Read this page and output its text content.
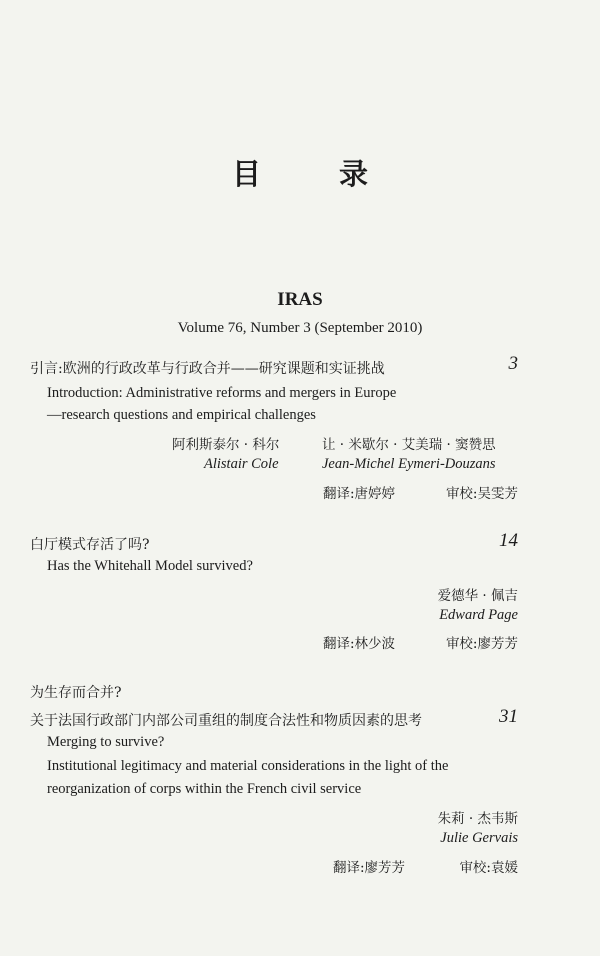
目 录
IRAS
Volume 76, Number 3 (September 2010)
引言:欧洲的行政改革与行政合并——研究课题和实证挑战	3
Introduction: Administrative reforms and mergers in Europe
—research questions and empirical challenges
阿利斯泰尔 · 科尔	让 · 米歇尔 · 艾美瑞 · 窦赞思
Alistair Cole	Jean-Michel Eymeri-Douzans
翻译:唐婷婷	审校:吴雯芳
白厅模式存活了吗?	14
Has the Whitehall Model survived?
爱德华 · 佩吉
Edward Page
翻译:林少波	审校:廖芳芳
为生存而合并?
关于法国行政部门内部公司重组的制度合法性和物质因素的思考	31
Merging to survive?
Institutional legitimacy and material considerations in the light of the
reorganization of corps within the French civil service
朱莉 · 杰韦斯
Julie Gervais
翻译:廖芳芳	审校:袁媛
